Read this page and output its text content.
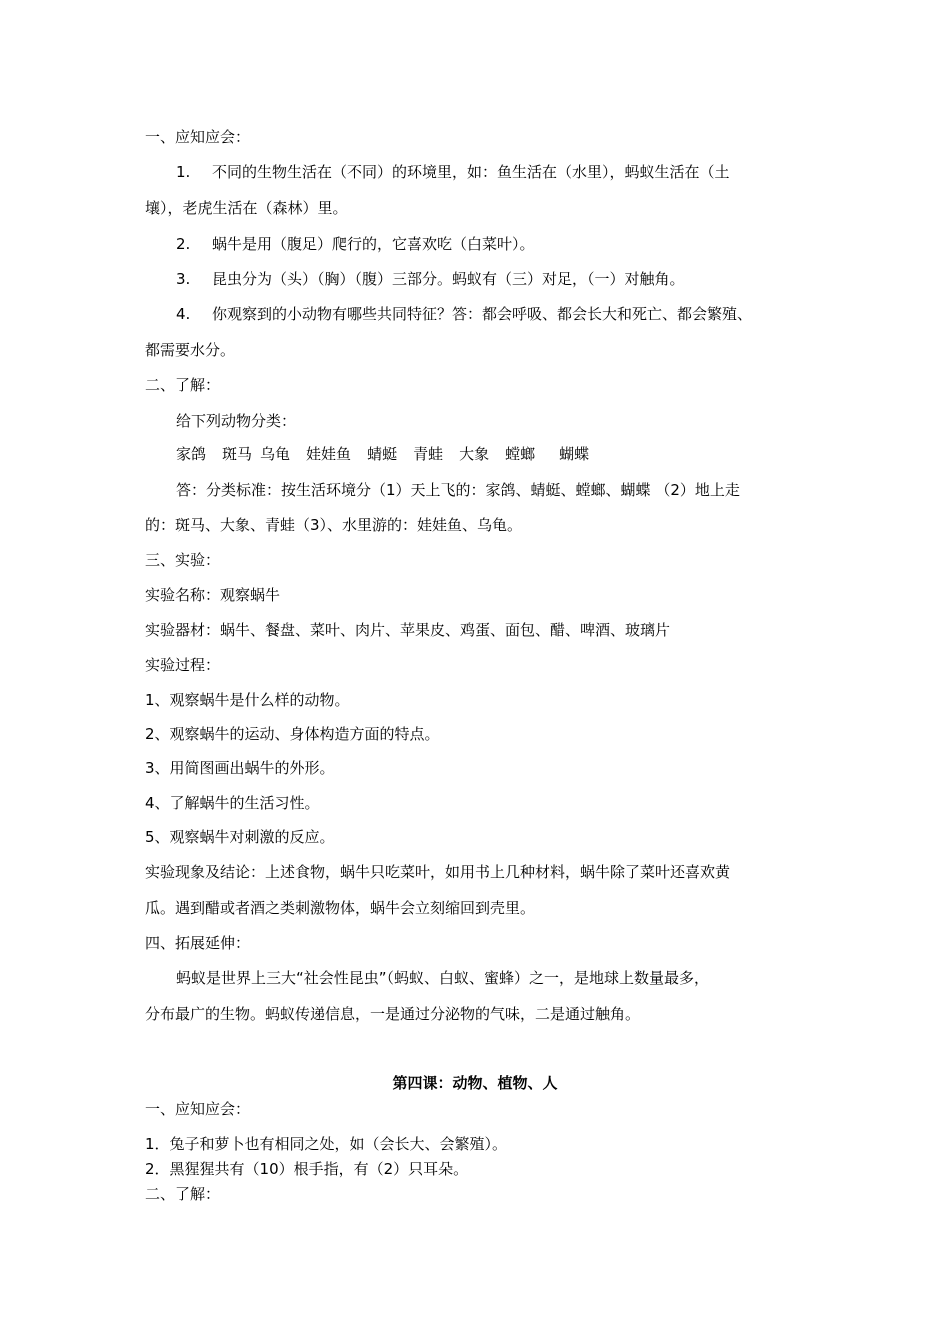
一、应知应会：
1. 不同的生物生活在（不同）的环境里，如：鱼生活在（水里），蚂蚁生活在（土
壤），老虎生活在（森林）里。
2. 蜗牛是用（腹足）爬行的，它喜欢吃（白菜叶）。
3. 昆虫分为（头）（胸）（腹）三部分。蚂蚁有（三）对足，（一）对触角。
4. 你观察到的小动物有哪些共同特征？答：都会呼吸、都会长大和死亡、都会繁殖、
都需要水分。
二、了解：
给下列动物分类：
家鸽 斑马 乌龟 娃娃鱼 蜻蜓 青蛙 大象 螳螂 蝴蝶
答：分类标准：按生活环境分（1）天上飞的：家鸽、蜻蜓、螳螂、蝴蝶 （2）地上走
的：斑马、大象、青蛙（3）、水里游的：娃娃鱼、乌龟。
三、实验：
实验名称：观察蜗牛
实验器材：蜗牛、餐盘、菜叶、肉片、苹果皮、鸡蛋、面包、醋、啤酒、玻璃片
实验过程：
1、观察蜗牛是什么样的动物。
2、观察蜗牛的运动、身体构造方面的特点。
3、用简图画出蜗牛的外形。
4、了解蜗牛的生活习性。
5、观察蜗牛对刺激的反应。
实验现象及结论：上述食物，蜗牛只吃菜叶，如用书上几种材料，蜗牛除了菜叶还喜欢黄
瓜。遇到醋或者酒之类刺激物体，蜗牛会立刻缩回到壳里。
四、拓展延伸：
蚂蚁是世界上三大“社会性昆虫”（蚂蚁、白蚁、蜜蜂）之一，是地球上数量最多，
分布最广的生物。蚂蚁传递信息，一是通过分泌物的气味，二是通过触角。
第四课：动物、植物、人
一、应知应会：
1．兔子和萝卜也有相同之处，如（会长大、会繁殖）。
2．黑猩猩共有（10）根手指，有（2）只耳朵。
二、了解：
